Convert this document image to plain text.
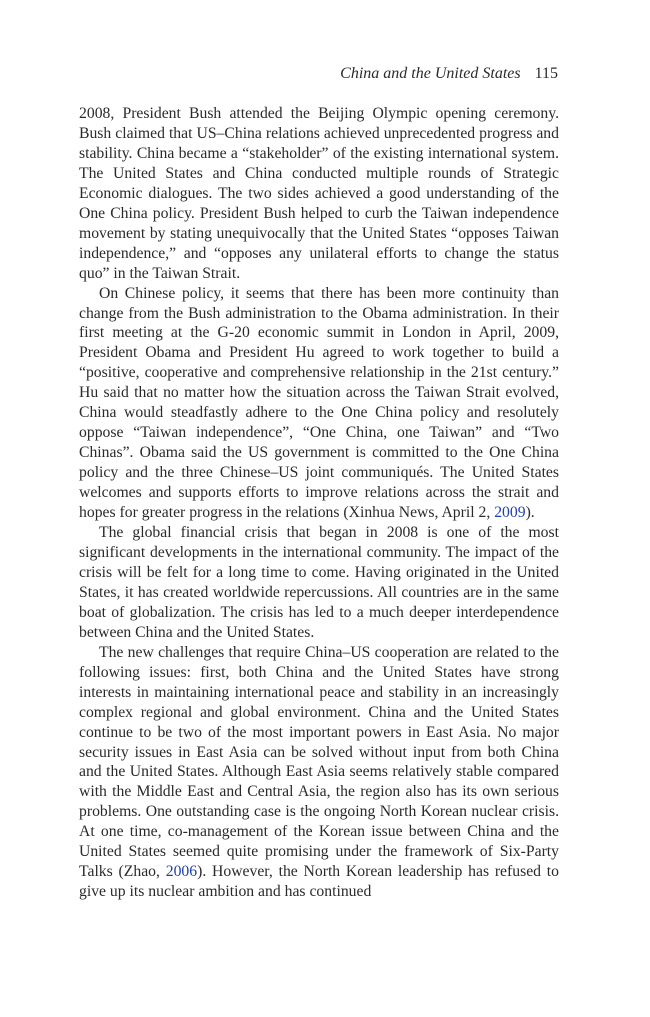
China and the United States 115

2008, President Bush attended the Beijing Olympic opening ceremony. Bush claimed that US–China relations achieved unprecedented progress and stability. China became a “stakeholder” of the existing international system. The United States and China conducted multiple rounds of Strategic Economic dialogues. The two sides achieved a good understanding of the One China policy. President Bush helped to curb the Taiwan independence movement by stating unequivocally that the United States “opposes Taiwan independence,” and “opposes any unilateral efforts to change the status quo” in the Taiwan Strait.

On Chinese policy, it seems that there has been more continuity than change from the Bush administration to the Obama administration. In their first meeting at the G-20 economic summit in London in April, 2009, President Obama and President Hu agreed to work together to build a “positive, cooperative and comprehensive relationship in the 21st century.” Hu said that no matter how the situation across the Taiwan Strait evolved, China would steadfastly adhere to the One China policy and resolutely oppose “Taiwan independence”, “One China, one Taiwan” and “Two Chinas”. Obama said the US government is committed to the One China policy and the three Chinese–US joint communiqués. The United States welcomes and supports efforts to improve relations across the strait and hopes for greater progress in the relations (Xinhua News, April 2, 2009).

The global financial crisis that began in 2008 is one of the most significant developments in the international community. The impact of the crisis will be felt for a long time to come. Having originated in the United States, it has created worldwide repercussions. All countries are in the same boat of globalization. The crisis has led to a much deeper interdependence between China and the United States.

The new challenges that require China–US cooperation are related to the following issues: first, both China and the United States have strong interests in maintaining international peace and stability in an increasingly complex regional and global environment. China and the United States continue to be two of the most important powers in East Asia. No major security issues in East Asia can be solved without input from both China and the United States. Although East Asia seems relatively stable compared with the Middle East and Central Asia, the region also has its own serious problems. One outstanding case is the ongoing North Korean nuclear crisis. At one time, co-management of the Korean issue between China and the United States seemed quite promising under the framework of Six-Party Talks (Zhao, 2006). However, the North Korean leadership has refused to give up its nuclear ambition and has continued
